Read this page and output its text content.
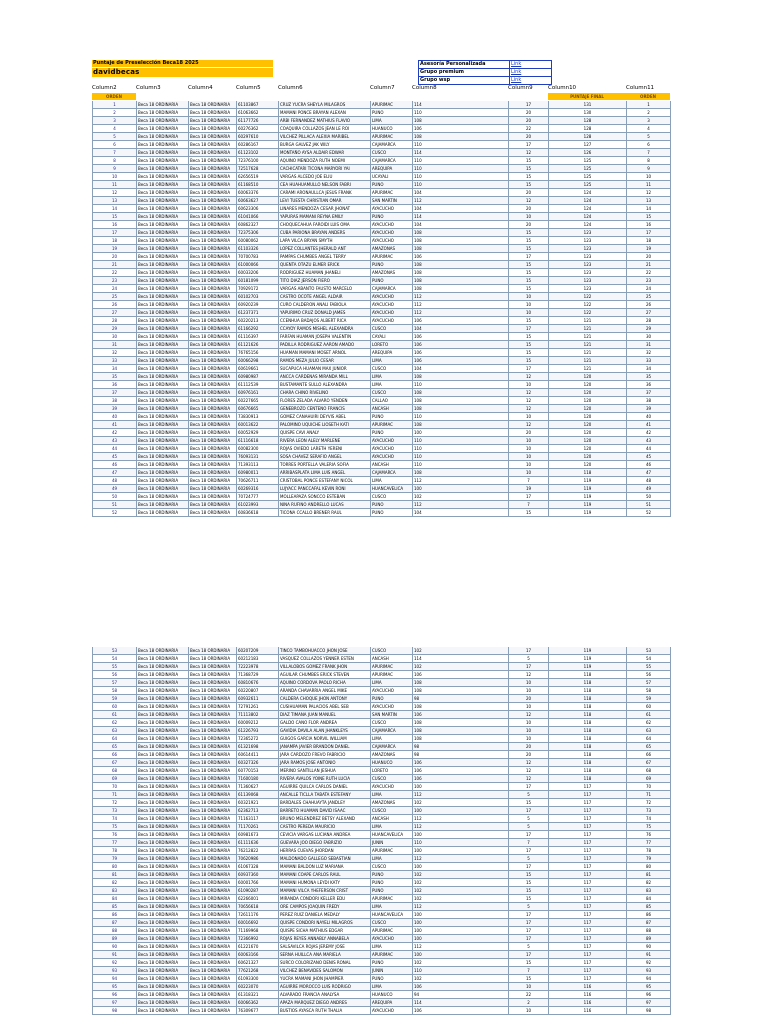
Puntaje de Preselección Beca18 2025
davidbecas
Asesoría Personalizada	Link
Grupo premium	Link
Grupo wsp	Link
Column2	Column3	Column4	Column5	Column6	Column7	Column8	Column9	Column10	Column11
ORDEN	PUNTAJE FINAL	ORDEN
1	Beca 18 ORDINARIA	Beca 18 ORDINARIA	61103867	CRUZ YUCRA SHEYLA MILAGROS	APURIMAC	114	17	131	1
2	Beca 18 ORDINARIA	Beca 18 ORDINARIA	61063662	MAMANI PONCE BRAYAN ALEXAN	PUNO	110	20	130	2
3	Beca 18 ORDINARIA	Beca 18 ORDINARIA	61177726	ARBI FERNANDEZ MATHIUS FLAVIO	LIMA	108	20	128	3
4	Beca 18 ORDINARIA	Beca 18 ORDINARIA	60276362	COAQUIRA COLLAZOS JEAN LE ROI	HUANUCO	106	22	128	4
5	Beca 18 ORDINARIA	Beca 18 ORDINARIA	60297610	VILCHEZ PILLACA ALEXIA MARIBEL	APURIMAC	108	20	128	5
6	Beca 18 ORDINARIA	Beca 18 ORDINARIA	60286167	BURGA GALVEZ JAK WILY	CAJAMARCA	110	17	127	6
7	Beca 18 ORDINARIA	Beca 18 ORDINARIA	61123102	MONTAÑO AYSA ALDAIR EDWAR	CUSCO	114	12	126	7
8	Beca 18 ORDINARIA	Beca 18 ORDINARIA	72376100	AQUINO MENDOZA RUTH NOEMI	CAJAMARCA	110	15	125	8
9	Beca 18 ORDINARIA	Beca 18 ORDINARIA	72517628	CACHICATARI TICONA MARYORI YAI	AREQUIPA	110	15	125	9
10	Beca 18 ORDINARIA	Beca 18 ORDINARIA	62656519	VARGAS ALCEDO JOE ELIU	UCAYALI	110	15	125	10
11	Beca 18 ORDINARIA	Beca 18 ORDINARIA	61168510	CEA HUAHUAMULLO NELSON FABRI	PUNO	110	15	125	11
12	Beca 18 ORDINARIA	Beca 18 ORDINARIA	60063376	CARAMI ARONAULLCA JESUS FRANK	APURIMAC	104	20	124	12
13	Beca 18 ORDINARIA	Beca 18 ORDINARIA	60663627	LEVI TUESTA CHRISTIAN OMAR	SAN MARTIN	112	12	124	13
14	Beca 18 ORDINARIA	Beca 18 ORDINARIA	60623306	LINARES MENDOZA CESAR JHONAT	AYACUCHO	104	20	124	14
15	Beca 18 ORDINARIA	Beca 18 ORDINARIA	61041066	YAPURAS MAMANI REYNA EMILY	PUNO	114	10	124	15
16	Beca 18 ORDINARIA	Beca 18 ORDINARIA	60862327	CHOQUECAHUA FAROIDI LUIS OMA	AYACUCHO	104	20	124	16
17	Beca 18 ORDINARIA	Beca 18 ORDINARIA	72375306	CUBA PARIONA BRAYAN ANDERS	AYACUCHO	108	15	123	17
18	Beca 18 ORDINARIA	Beca 18 ORDINARIA	60080062	LAPA VILCA BRYAN SMYTH	AYACUCHO	108	15	123	18
19	Beca 18 ORDINARIA	Beca 18 ORDINARIA	61103326	LOPEZ COLLANTES JHERALD ANT	AMAZONAS	108	15	123	19
20	Beca 18 ORDINARIA	Beca 18 ORDINARIA	70700783	PAMPAS CHUMBES ANGEL TERRY	APURIMAC	106	17	123	20
21	Beca 18 ORDINARIA	Beca 18 ORDINARIA	61000066	QUENTA OTAZU ELMER ERICK	PUNO	108	15	123	21
22	Beca 18 ORDINARIA	Beca 18 ORDINARIA	60033206	RODRIGUEZ HUAMAN JHANELI	AMAZONAS	108	15	123	22
23	Beca 18 ORDINARIA	Beca 18 ORDINARIA	60181099	TITO DIAZ JERSON FIERO	PUNO	108	15	123	23
24	Beca 18 ORDINARIA	Beca 18 ORDINARIA	70929172	VARGAS ABANTO FAUSTO MARCELO	CAJAMARCA	108	15	123	24
25	Beca 18 ORDINARIA	Beca 18 ORDINARIA	60102703	CASTRO OCOTE ANGEL ALDAIR	AYACUCHO	112	10	122	25
26	Beca 18 ORDINARIA	Beca 18 ORDINARIA	60920239	CURO CALDERON ANALI FABIOLA	AYACUCHO	112	10	122	26
27	Beca 18 ORDINARIA	Beca 18 ORDINARIA	61237371	YAPURIMO CRUZ DONALD JAMES	AYACUCHO	112	10	122	27
28	Beca 18 ORDINARIA	Beca 18 ORDINARIA	60220213	CCENHUA BADAJOS ALBERT RICA	AYACUCHO	106	15	121	28
29	Beca 18 ORDINARIA	Beca 18 ORDINARIA	61166292	CCAYOY RAMOS MISHEL ALEXANDRA	CUSCO	104	17	121	29
30	Beca 18 ORDINARIA	Beca 18 ORDINARIA	61116397	FARFAN HUAMAN JOSEPH VALENTIN	CAYALI	106	15	121	30
31	Beca 18 ORDINARIA	Beca 18 ORDINARIA	61121626	PADILLA RODRIGUEZ AARON AMADO	LORETO	106	15	121	31
32	Beca 18 ORDINARIA	Beca 18 ORDINARIA	76765156	HUAMAN MAMANI MOSET ARNOL	AREQUIPA	106	15	121	32
33	Beca 18 ORDINARIA	Beca 18 ORDINARIA	60066298	RAMOS MEZA JULIO CESAR	LIMA	106	15	121	33
34	Beca 18 ORDINARIA	Beca 18 ORDINARIA	60619661	SUCAPUCA HUAMAN MAX JUNIOR	CUSCO	104	17	121	34
35	Beca 18 ORDINARIA	Beca 18 ORDINARIA	60980987	ANCCA CARDENAS MIRANDA MILL	LIMA	108	12	120	35
36	Beca 18 ORDINARIA	Beca 18 ORDINARIA	61112539	BUSTAMANTE SULLO ALEXANDRA	LIMA	110	10	120	36
37	Beca 18 ORDINARIA	Beca 18 ORDINARIA	60976161	CHARA CHINO RIVELINO	CUSCO	108	12	120	37
38	Beca 18 ORDINARIA	Beca 18 ORDINARIA	60227665	FLORES ZELADA ALVARO YENDEN	CALLAO	108	12	120	38
39	Beca 18 ORDINARIA	Beca 18 ORDINARIA	60676665	GENEBROZO CENTENO FRANCIS	ANCASH	108	12	120	39
40	Beca 18 ORDINARIA	Beca 18 ORDINARIA	73830913	GOMEZ CANAHUIRI DEYVIS ABEL	PUNO	110	10	120	40
41	Beca 18 ORDINARIA	Beca 18 ORDINARIA	60013622	PALOMINO UQUICHE LIOSETH KATI	APURIMAC	108	12	120	41
42	Beca 18 ORDINARIA	Beca 18 ORDINARIA	60052929	QUISPE CAVI ANALY	PUNO	100	20	120	42
43	Beca 18 ORDINARIA	Beca 18 ORDINARIA	61116618	RIVERA LEON ALELY MARLENE	AYACUCHO	110	10	120	43
44	Beca 18 ORDINARIA	Beca 18 ORDINARIA	60082300	ROJAS OVIEDO LARETH YERENI	AYACUCHO	110	10	120	44
45	Beca 18 ORDINARIA	Beca 18 ORDINARIA	76093131	SOSA CHAVEZ SERAFIO ANGEL	AYACUCHO	110	10	120	45
46	Beca 18 ORDINARIA	Beca 18 ORDINARIA	71393113	TORRES PORTELLA VALERIA SOFIA	ANCASH	110	10	120	46
47	Beca 18 ORDINARIA	Beca 18 ORDINARIA	60980011	ARRIBASPLATA LIMA LUIS ANGEL	CAJAMARCA	108	10	118	47
48	Beca 18 ORDINARIA	Beca 18 ORDINARIA	70626711	CRISTOBAL PONCE ESTEFANY NICOL	LIMA	112	7	119	48
49	Beca 18 ORDINARIA	Beca 18 ORDINARIA	60269316	LUJYACC PANCCAFAL KEVIN RONI	HUANCAVELICA	100	19	119	49
50	Beca 18 ORDINARIA	Beca 18 ORDINARIA	70724777	MOLLEAPAZA SONCCO ESTEBAN	CUSCO	102	17	119	50
51	Beca 18 ORDINARIA	Beca 18 ORDINARIA	61023993	NINA RUFINO ANDRELLO LUCAS	PUNO	112	7	119	51
52	Beca 18 ORDINARIA	Beca 18 ORDINARIA	60836618	TICONA CCALLO BRENER RAUL	PUNO	104	15	119	52
53	Beca 18 ORDINARIA	Beca 18 ORDINARIA	60207209	TINCO TAMBOHUACCO JHON JOSE	CUSCO	102	17	119	53
54	Beca 18 ORDINARIA	Beca 18 ORDINARIA	60212183	VASQUEZ COLLAZOS YENNER ESTEN	ANCASH	114	5	119	54
55	Beca 18 ORDINARIA	Beca 18 ORDINARIA	72223978	VILLALOBOS GOMEZ FRANK JHON	APURIMAC	102	17	119	55
56	Beca 18 ORDINARIA	Beca 18 ORDINARIA	71368729	AGUILAR CHUMBES ERICK STEVEN	APURIMAC	106	12	118	56
57	Beca 18 ORDINARIA	Beca 18 ORDINARIA	60810676	AQUINO CORDOVA PAOLO RICHA	LIMA	108	10	118	57
58	Beca 18 ORDINARIA	Beca 18 ORDINARIA	60220807	ARANDA CHAVARRIA ANGEL MIKE	AYACUCHO	108	10	118	58
59	Beca 18 ORDINARIA	Beca 18 ORDINARIA	60932611	CALDERA CHOQUE JHON ANTONY	PUNO	98	20	118	59
60	Beca 18 ORDINARIA	Beca 18 ORDINARIA	72791261	CUSIHUAMAN PALACIOS ABEL SEB	AYACUCHO	108	10	118	60
61	Beca 18 ORDINARIA	Beca 18 ORDINARIA	71113802	DIAZ TIMANA JUAN MANUEL	SAN MARTIN	106	12	118	61
62	Beca 18 ORDINARIA	Beca 18 ORDINARIA	60009212	GALDO CANO FLOR ANDREA	CUSCO	108	10	118	62
63	Beca 18 ORDINARIA	Beca 18 ORDINARIA	61226793	GAVIDIA DAVILA ALAN JHANKLEYS	CAJAMARCA	108	10	118	63
64	Beca 18 ORDINARIA	Beca 18 ORDINARIA	72365272	GUIGOS GARCIA NORVIL WILLIAM	LIMA	108	10	118	64
65	Beca 18 ORDINARIA	Beca 18 ORDINARIA	61321698	JANAMPA JAVIER BRANDON DANIEL	CAJAMARCA	98	20	118	65
66	Beca 18 ORDINARIA	Beca 18 ORDINARIA	60614411	JARA CARDOZO FREVO FABRICIO	AMAZONAS	98	20	118	66
67	Beca 18 ORDINARIA	Beca 18 ORDINARIA	60327326	JARA RAMOS JOSE ANTONIO	HUANUCO	106	12	118	67
68	Beca 18 ORDINARIA	Beca 18 ORDINARIA	60770153	MERINO SANTILLAN JESHUA	LORETO	106	12	118	68
69	Beca 18 ORDINARIA	Beca 18 ORDINARIA	71600180	RIVERA AVALOS YOINE RUTH LUCIA	CUSCO	106	12	118	69
70	Beca 18 ORDINARIA	Beca 18 ORDINARIA	71360627	AGUIRRE QUILCA CARLOS DANIEL	AYACUCHO	100	17	117	70
71	Beca 18 ORDINARIA	Beca 18 ORDINARIA	61139068	ANCALLE TICLLA TABATA ESTEFANY	LIMA	112	5	117	71
72	Beca 18 ORDINARIA	Beca 18 ORDINARIA	60321921	BARDALES CHAHUAYTA JANDLEY	AMAZONAS	102	15	117	72
73	Beca 18 ORDINARIA	Beca 18 ORDINARIA	62362713	BARRETO HUAMAN DAVID ISAAC	CUSCO	100	17	117	73
74	Beca 18 ORDINARIA	Beca 18 ORDINARIA	71163117	BRUNO MELENDREZ BETSY ALEXAND	ANCASH	112	5	117	74
75	Beca 18 ORDINARIA	Beca 18 ORDINARIA	71170261	CASTRO PEREDA MAURICIO	LIMA	112	5	117	75
76	Beca 18 ORDINARIA	Beca 18 ORDINARIA	60981673	CEVICIA VARGAS LUCIANA ANDREA	HUANCAVELICA	100	17	117	76
77	Beca 18 ORDINARIA	Beca 18 ORDINARIA	61111636	GUEVARA JOO DIEGO FABRIZIO	JUNIN	110	7	117	77
78	Beca 18 ORDINARIA	Beca 18 ORDINARIA	76212822	HERRAS CUEVAS JHORDAN	APURIMAC	100	17	117	78
79	Beca 18 ORDINARIA	Beca 18 ORDINARIA	70620986	MALDONADO GALLEGO SEBASTIAN	LIMA	112	5	117	79
80	Beca 18 ORDINARIA	Beca 18 ORDINARIA	61067328	MAMANI BALDON LUZ MARIANA	CUSCO	100	17	117	80
81	Beca 18 ORDINARIA	Beca 18 ORDINARIA	60937360	MAMANI COAPE CARLOS RAUL	PUNO	102	15	117	81
82	Beca 18 ORDINARIA	Beca 18 ORDINARIA	60001766	MAMANI HUMONA LEYDI KATY	PUNO	102	15	117	82
83	Beca 18 ORDINARIA	Beca 18 ORDINARIA	61090287	MAMANI VILCA YHEFERSON CRIST	PUNO	102	15	117	83
84	Beca 18 ORDINARIA	Beca 18 ORDINARIA	62266001	MIRANDA CONDORI KELLER EDU	APURIMAC	102	15	117	84
85	Beca 18 ORDINARIA	Beca 18 ORDINARIA	70656618	ORE CAMPOS JOAQUIN FREDY	LIMA	112	5	117	85
86	Beca 18 ORDINARIA	Beca 18 ORDINARIA	72611176	PEREZ RUIZ DANIELA MEDALY	HUANCAVELICA	100	17	117	86
87	Beca 18 ORDINARIA	Beca 18 ORDINARIA	60016692	QUISPE CONDORI NAYELI MILAGROS	CUSCO	100	17	117	87
88	Beca 18 ORDINARIA	Beca 18 ORDINARIA	71169968	QUISPE SICHA MATHIUS EDGAR	APURIMAC	100	17	117	88
89	Beca 18 ORDINARIA	Beca 18 ORDINARIA	72366992	ROJAS REYES ANNABLY ANNABELA	AYACUCHO	100	17	117	89
90	Beca 18 ORDINARIA	Beca 18 ORDINARIA	61221670	SALSAVILCA ROJAS JEREMY JOSE	LIMA	112	5	117	90
91	Beca 18 ORDINARIA	Beca 18 ORDINARIA	60063166	SERNA HUILLCA ANA MARIELA	APURIMAC	100	17	117	91
92	Beca 18 ORDINARIA	Beca 18 ORDINARIA	60621327	SURCO COLORIZANO DENIS RONAL	PUNO	102	15	117	92
93	Beca 18 ORDINARIA	Beca 18 ORDINARIA	77621268	VILCHEZ BENAVIDES SALOMON	JUNIN	110	7	117	93
94	Beca 18 ORDINARIA	Beca 18 ORDINARIA	61093300	YUCRA MAMANI JHON JHAMPIER	PUNO	102	15	117	94
95	Beca 18 ORDINARIA	Beca 18 ORDINARIA	60223070	AGUIRRE MOROCCO LUIS RODRIGO	LIMA	106	10	116	95
96	Beca 18 ORDINARIA	Beca 18 ORDINARIA	61318321	ALVARADO FRANCIA ANALYSA	HUANUCO	94	22	116	96
97	Beca 18 ORDINARIA	Beca 18 ORDINARIA	60066362	APAZA MARQUEZ DIEGO ANDRES	AREQUIPA	114	2	116	97
98	Beca 18 ORDINARIA	Beca 18 ORDINARIA	76309677	BUSTIOS AYASCA RUTH THALIA	AYACUCHO	106	10	116	98
